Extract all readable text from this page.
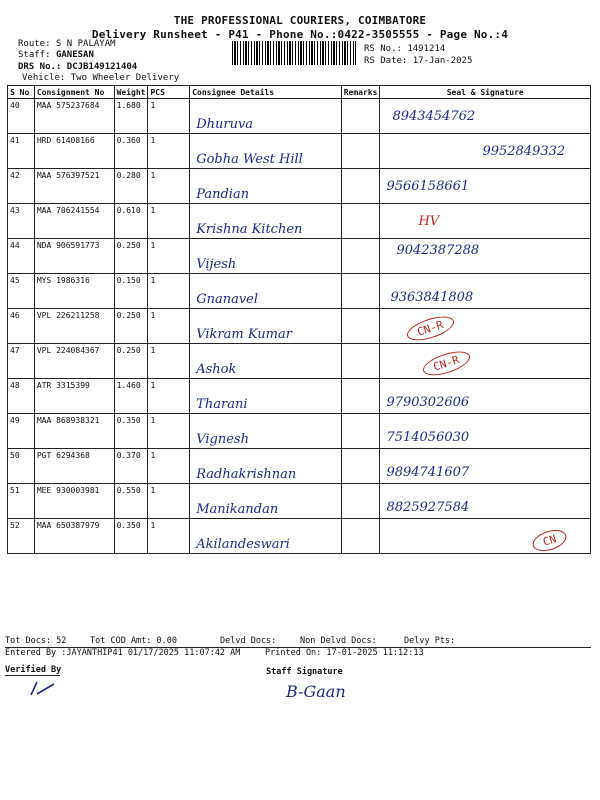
THE PROFESSIONAL COURIERS, COIMBATORE
Delivery Runsheet - P41 - Phone No.:0422-3505555 - Page No.:4
Route: S N PALAYAM
Staff: GANESAN
DRS No.: DCJB149121404
Vehicle: Two Wheeler Delivery
RS No.: 1491214
RS Date: 17-Jan-2025
S No	Consignment No	Weight	PCS	Consignee Details	Remarks	Seal & Signature
40	MAA 575237684	1.680	1	Dhuruva		8943454762

41	HRD 61408166	0.360	1	Gobha West Hill		9952849332

42	MAA 576397521	0.280	1	Pandian		9566158661

43	MAA 706241554	0.610	1	Krishna Kitchen		HV

44	NDA 906591773	0.250	1	Vijesh		9042387288

45	MYS 1986316	0.150	1	Gnanavel		9363841808

46	VPL 226211258	0.250	1	Vikram Kumar		CN-R

47	VPL 224084367	0.250	1	Ashok		CN-R

48	ATR 3315399	1.460	1	Tharani		9790302606

49	MAA 868938321	0.350	1	Vignesh		7514056030

50	PGT 6294368	0.370	1	Radhakrishnan		9894741607

51	MEE 930003981	0.550	1	Manikandan		8825927584

52	MAA 650387979	0.350	1	Akilandeswari		CN
Tot Docs: 52	Tot COD Amt: 0.00	Delvd Docs:	Non Delvd Docs:	Delvy Pts:
Entered By :JAYANTHIP41 01/17/2025 11:07:42 AM	Printed On: 17-01-2025 11:12:13
Verified By	Staff Signature
B-Gaan
